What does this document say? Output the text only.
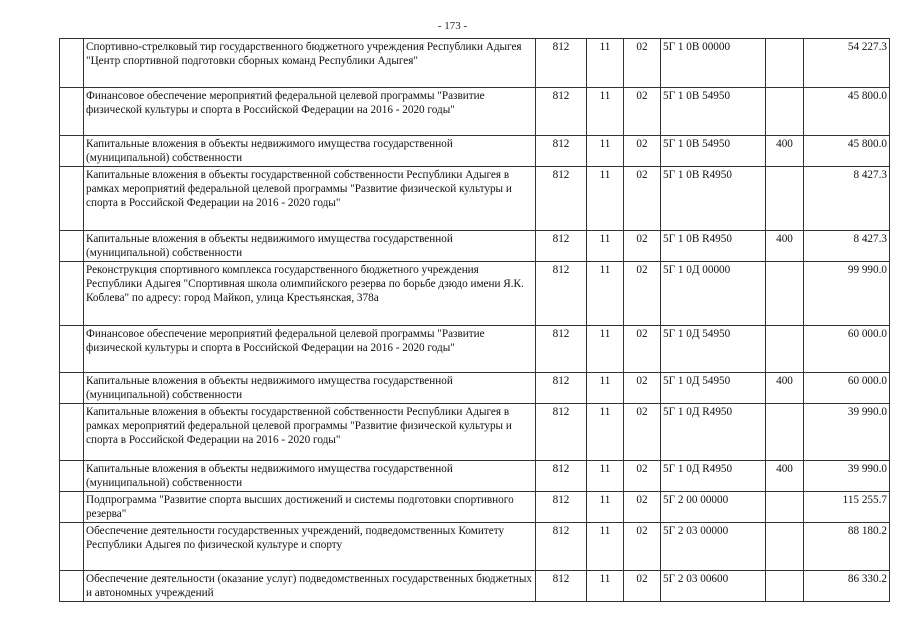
- 173 -
	Спортивно-стрелковый тир государственного бюджетного учреждения Республики Адыгея "Центр спортивной подготовки сборных команд Республики Адыгея"	812	11	02	5Г 1 0В 00000		54 227.3
	Финансовое обеспечение мероприятий федеральной целевой программы "Развитие физической культуры и спорта в Российской Федерации на 2016 - 2020 годы"	812	11	02	5Г 1 0В 54950		45 800.0
	Капитальные вложения в объекты недвижимого имущества государственной (муниципальной) собственности	812	11	02	5Г 1 0В 54950	400	45 800.0
	Капитальные вложения в объекты государственной собственности Республики Адыгея в рамках мероприятий федеральной целевой программы "Развитие физической культуры и спорта в Российской Федерации на 2016 - 2020 годы"	812	11	02	5Г 1 0В R4950		8 427.3
	Капитальные вложения в объекты недвижимого имущества государственной (муниципальной) собственности	812	11	02	5Г 1 0В R4950	400	8 427.3
	Реконструкция спортивного комплекса государственного бюджетного учреждения Республики Адыгея "Спортивная школа олимпийского резерва по борьбе дзюдо имени Я.К. Коблева" по адресу: город Майкоп, улица Крестьянская, 378а	812	11	02	5Г 1 0Д 00000		99 990.0
	Финансовое обеспечение мероприятий федеральной целевой программы "Развитие физической культуры и спорта в Российской Федерации на 2016 - 2020 годы"	812	11	02	5Г 1 0Д 54950		60 000.0
	Капитальные вложения в объекты недвижимого имущества государственной (муниципальной) собственности	812	11	02	5Г 1 0Д 54950	400	60 000.0
	Капитальные вложения в объекты государственной собственности Республики Адыгея в рамках мероприятий федеральной целевой программы "Развитие физической культуры и спорта в Российской Федерации на 2016 - 2020 годы"	812	11	02	5Г 1 0Д R4950		39 990.0
	Капитальные вложения в объекты недвижимого имущества государственной (муниципальной) собственности	812	11	02	5Г 1 0Д R4950	400	39 990.0
	Подпрограмма "Развитие спорта высших достижений и системы подготовки спортивного резерва"	812	11	02	5Г 2 00 00000		115 255.7
	Обеспечение деятельности государственных учреждений, подведомственных Комитету Республики Адыгея по физической культуре и спорту	812	11	02	5Г 2 03 00000		88 180.2
	Обеспечение деятельности (оказание услуг) подведомственных государственных бюджетных и автономных учреждений	812	11	02	5Г 2 03 00600		86 330.2
